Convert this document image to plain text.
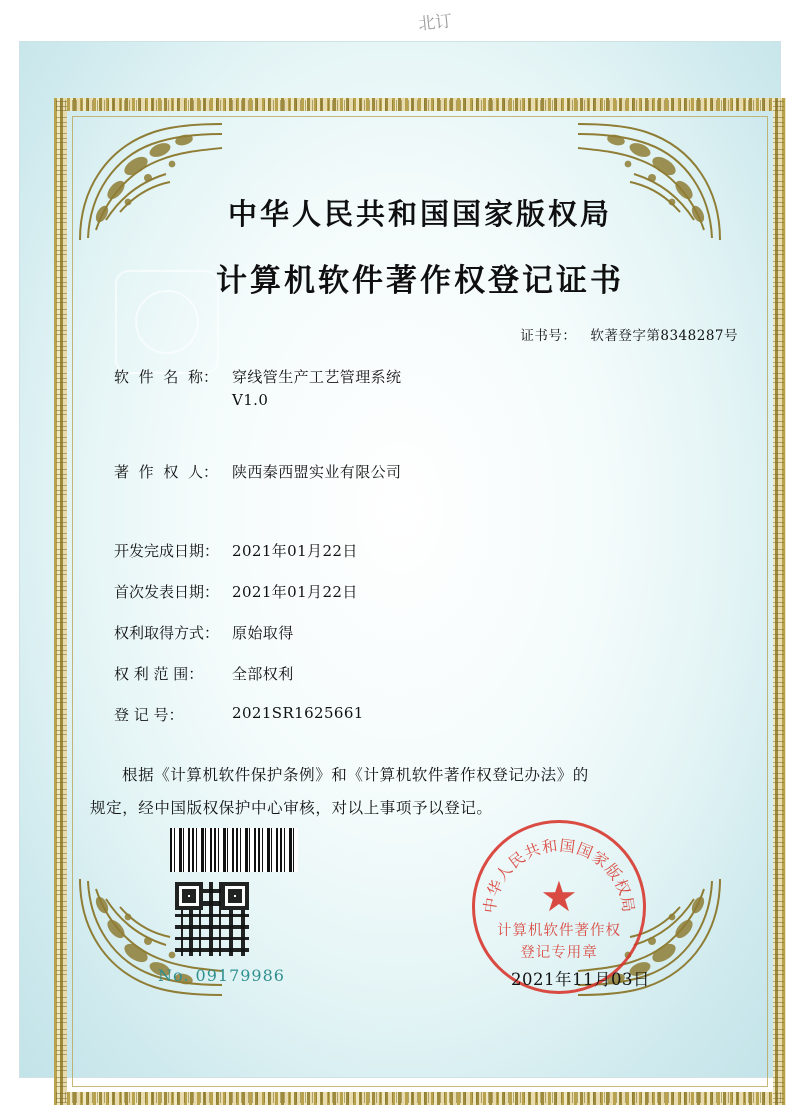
北订
中华人民共和国国家版权局
计算机软件著作权登记证书
证书号： 软著登字第8348287号
软 件 名 称： 穿线管生产工艺管理系统
V1.0
著 作 权 人： 陕西秦西盟实业有限公司
开发完成日期： 2021年01月22日
首次发表日期： 2021年01月22日
权利取得方式： 原始取得
权 利 范 围：	全部权利
登 记 号：	2021SR1625661
根据《计算机软件保护条例》和《计算机软件著作权登记办法》的
规定，经中国版权保护中心审核，对以上事项予以登记。
中华人民共和国国家版权局
★
计算机软件著作权
登记专用章
No. 09179986	2021年11月03日
